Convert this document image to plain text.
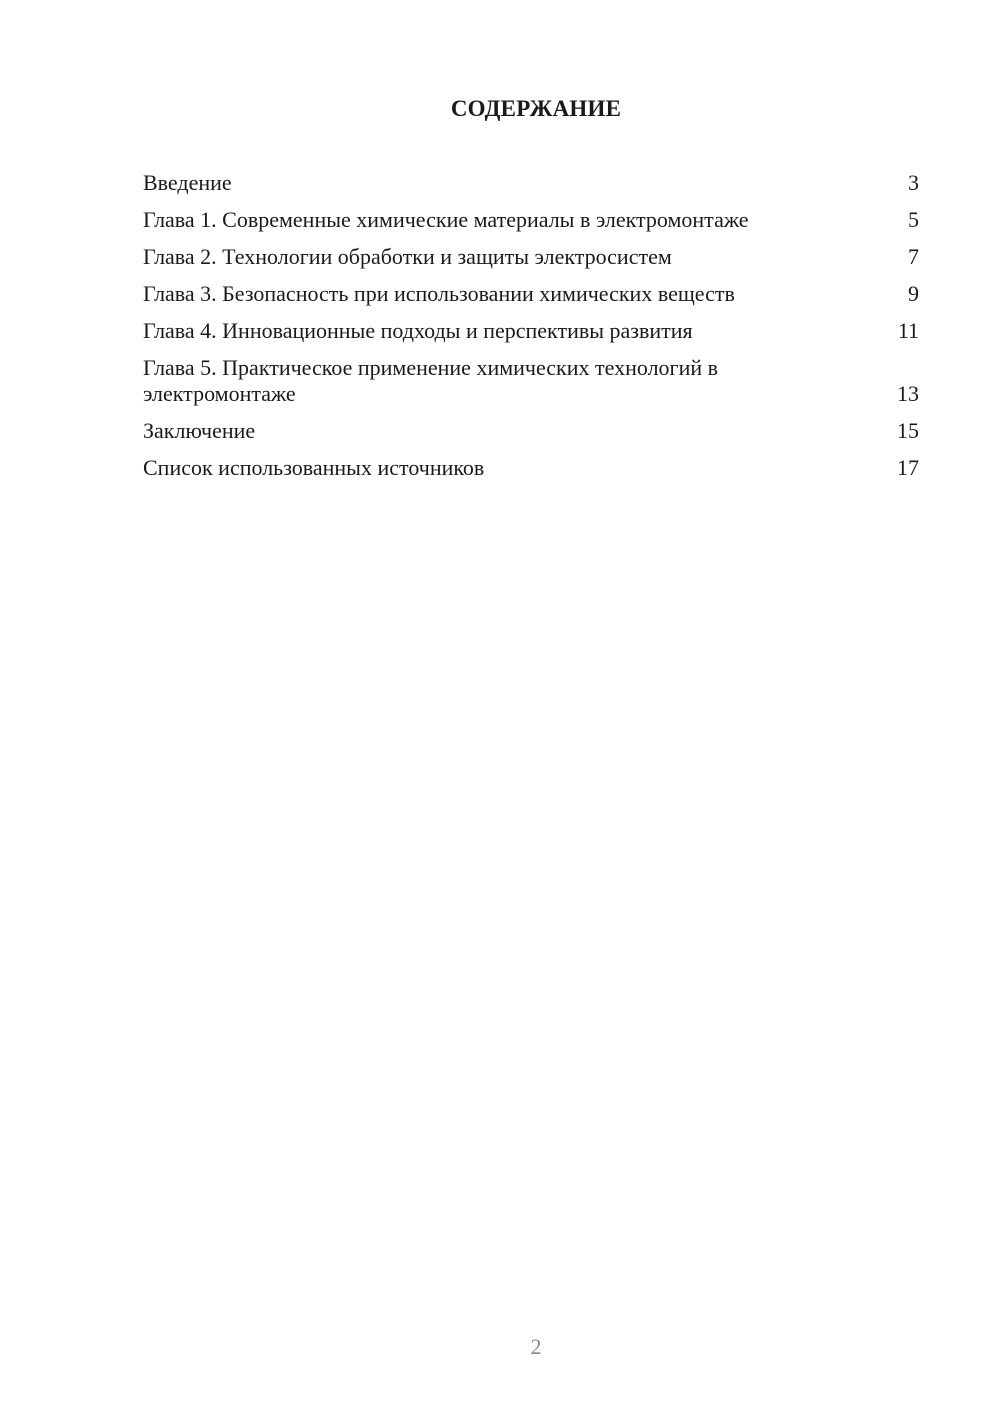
СОДЕРЖАНИЕ
Введение	3
Глава 1. Современные химические материалы в электромонтаже	5
Глава 2. Технологии обработки и защиты электросистем	7
Глава 3. Безопасность при использовании химических веществ	9
Глава 4. Инновационные подходы и перспективы развития	11
Глава 5. Практическое применение химических технологий в электромонтаже	13
Заключение	15
Список использованных источников	17
2
